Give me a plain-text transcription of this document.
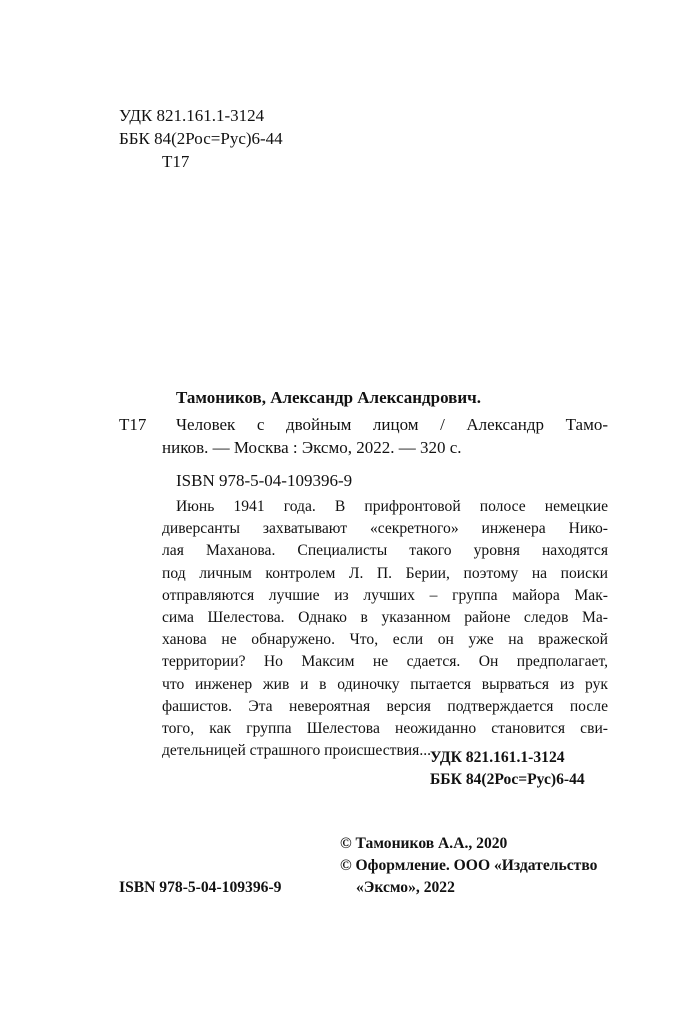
УДК 821.161.1-3124
ББК 84(2Рос=Рус)6-44
Т17
Тамоников, Александр Александрович.
Т17	Человек с двойным лицом / Александр Тамо-
ников. — Москва : Эксмо, 2022. — 320 с.
ISBN 978-5-04-109396-9
Июнь 1941 года. В прифронтовой полосе немецкие
диверсанты захватывают «секретного» инженера Нико-
лая Маханова. Специалисты такого уровня находятся
под личным контролем Л. П. Берии, поэтому на поиски
отправляются лучшие из лучших – группа майора Мак-
сима Шелестова. Однако в указанном районе следов Ма-
ханова не обнаружено. Что, если он уже на вражеской
территории? Но Максим не сдается. Он предполагает,
что инженер жив и в одиночку пытается вырваться из рук
фашистов. Эта невероятная версия подтверждается после
того, как группа Шелестова неожиданно становится сви-
детельницей страшного происшествия...
УДК 821.161.1-3124
ББК 84(2Рос=Рус)6-44
© Тамоников А.А., 2020
© Оформление. ООО «Издательство
ISBN 978-5-04-109396-9	«Эксмо», 2022
